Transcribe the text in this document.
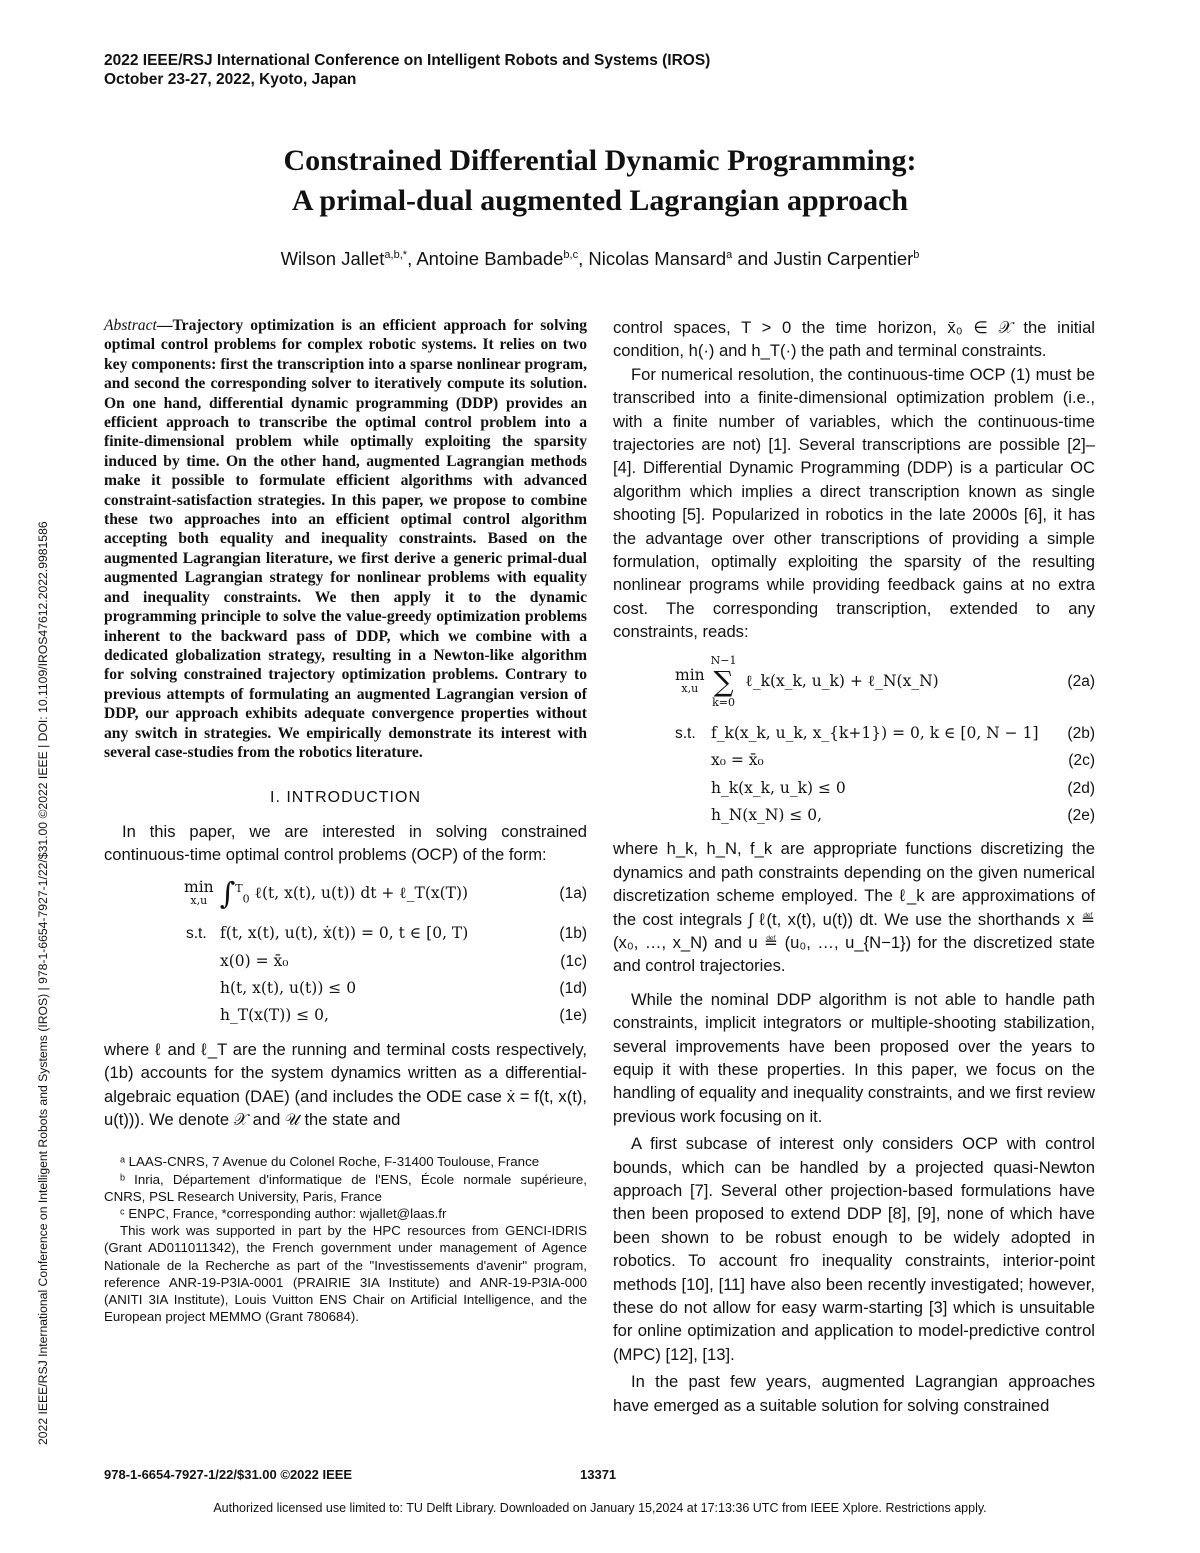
2022 IEEE/RSJ International Conference on Intelligent Robots and Systems (IROS)
October 23-27, 2022, Kyoto, Japan
Constrained Differential Dynamic Programming:
A primal-dual augmented Lagrangian approach
Wilson Jallet$^{a,b,*}$, Antoine Bambade$^{b,c}$, Nicolas Mansard$^a$ and Justin Carpentier$^b$
2022 IEEE/RSJ International Conference on Intelligent Robots and Systems (IROS) | 978-1-6654-7927-1/22/$31.00 ©2022 IEEE | DOI: 10.1109/IROS47612.2022.9981586
Abstract—Trajectory optimization is an efficient approach for solving optimal control problems for complex robotic systems. It relies on two key components: first the transcription into a sparse nonlinear program, and second the corresponding solver to iteratively compute its solution. On one hand, differential dynamic programming (DDP) provides an efficient approach to transcribe the optimal control problem into a finite-dimensional problem while optimally exploiting the sparsity induced by time. On the other hand, augmented Lagrangian methods make it possible to formulate efficient algorithms with advanced constraint-satisfaction strategies. In this paper, we propose to combine these two approaches into an efficient optimal control algorithm accepting both equality and inequality constraints. Based on the augmented Lagrangian literature, we first derive a generic primal-dual augmented Lagrangian strategy for nonlinear problems with equality and inequality constraints. We then apply it to the dynamic programming principle to solve the value-greedy optimization problems inherent to the backward pass of DDP, which we combine with a dedicated globalization strategy, resulting in a Newton-like algorithm for solving constrained trajectory optimization problems. Contrary to previous attempts of formulating an augmented Lagrangian version of DDP, our approach exhibits adequate convergence properties without any switch in strategies. We empirically demonstrate its interest with several case-studies from the robotics literature.
I. INTRODUCTION

In this paper, we are interested in solving constrained continuous-time optimal control problems (OCP) of the form:

min
x,u ∫$^T_0$ ℓ(t, x(t), u(t)) dt + ℓ_T(x(T))	(1a)
s.t. f(t, x(t), u(t), ẋ(t)) = 0, t ∈ [0, T)	(1b)
x(0) = x̄₀	(1c)
h(t, x(t), u(t)) ≤ 0	(1d)
h_T(x(T)) ≤ 0,	(1e)

where ℓ and ℓ_T are the running and terminal costs respectively, (1b) accounts for the system dynamics written as a differential-algebraic equation (DAE) (and includes the ODE case ẋ = f(t, x(t), u(t))). We denote 𝒳 and 𝒰 the state and

ᵃ LAAS-CNRS, 7 Avenue du Colonel Roche, F-31400 Toulouse, France

ᵇ Inria, Département d'informatique de l'ENS, École normale supérieure, CNRS, PSL Research University, Paris, France

ᶜ ENPC, France, *corresponding author: wjallet@laas.fr

This work was supported in part by the HPC resources from GENCI-IDRIS (Grant AD011011342), the French government under management of Agence Nationale de la Recherche as part of the "Investissements d'avenir" program, reference ANR-19-P3IA-0001 (PRAIRIE 3IA Institute) and ANR-19-P3IA-000 (ANITI 3IA Institute), Louis Vuitton ENS Chair on Artificial Intelligence, and the European project MEMMO (Grant 780684).

control spaces, T > 0 the time horizon, x̄₀ ∈ 𝒳 the initial condition, h(·) and h_T(·) the path and terminal constraints.

For numerical resolution, the continuous-time OCP (1) must be transcribed into a finite-dimensional optimization problem (i.e., with a finite number of variables, which the continuous-time trajectories are not) [1]. Several transcriptions are possible [2]–[4]. Differential Dynamic Programming (DDP) is a particular OC algorithm which implies a direct transcription known as single shooting [5]. Popularized in robotics in the late 2000s [6], it has the advantage over other transcriptions of providing a simple formulation, optimally exploiting the sparsity of the resulting nonlinear programs while providing feedback gains at no extra cost. The corresponding transcription, extended to any constraints, reads:

min
x,u
N−1
∑
k=0
ℓ_k(x_k, u_k) + ℓ_N(x_N)	(2a)
s.t. f_k(x_k, u_k, x_{k+1}) = 0, k ∈ [0, N − 1]	(2b)
x₀ = x̄₀	(2c)
h_k(x_k, u_k) ≤ 0	(2d)
h_N(x_N) ≤ 0,	(2e)

where h_k, h_N, f_k are appropriate functions discretizing the dynamics and path constraints depending on the given numerical discretization scheme employed. The ℓ_k are approximations of the cost integrals ∫ ℓ(t, x(t), u(t)) dt. We use the shorthands x ≝ (x₀, …, x_N) and u ≝ (u₀, …, u_{N−1}) for the discretized state and control trajectories.

While the nominal DDP algorithm is not able to handle path constraints, implicit integrators or multiple-shooting stabilization, several improvements have been proposed over the years to equip it with these properties. In this paper, we focus on the handling of equality and inequality constraints, and we first review previous work focusing on it.

A first subcase of interest only considers OCP with control bounds, which can be handled by a projected quasi-Newton approach [7]. Several other projection-based formulations have then been proposed to extend DDP [8], [9], none of which have been shown to be robust enough to be widely adopted in robotics. To account fro inequality constraints, interior-point methods [10], [11] have also been recently investigated; however, these do not allow for easy warm-starting [3] which is unsuitable for online optimization and application to model-predictive control (MPC) [12], [13].

In the past few years, augmented Lagrangian approaches have emerged as a suitable solution for solving constrained

978-1-6654-7927-1/22/$31.00 ©2022 IEEE	13371
Authorized licensed use limited to: TU Delft Library. Downloaded on January 15,2024 at 17:13:36 UTC from IEEE Xplore. Restrictions apply.
